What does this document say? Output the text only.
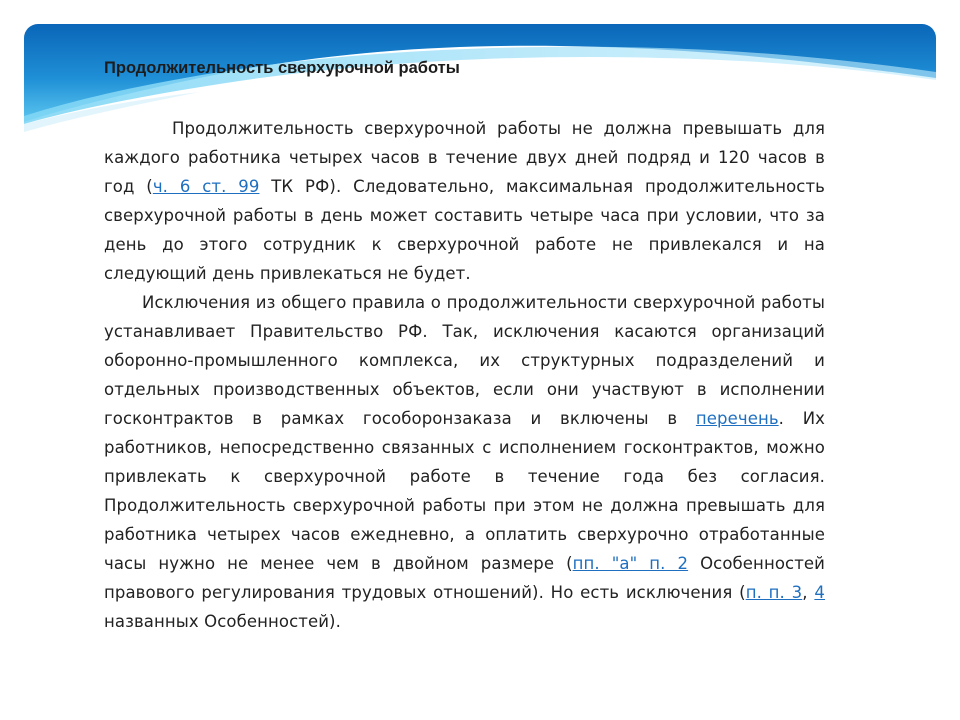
Продолжительность сверхурочной работы

Продолжительность сверхурочной работы не должна превышать для каждого работника четырех часов в течение двух дней подряд и 120 часов в год (ч. 6 ст. 99 ТК РФ). Следовательно, максимальная продолжительность сверхурочной работы в день может составить четыре часа при условии, что за день до этого сотрудник к сверхурочной работе не привлекался и на следующий день привлекаться не будет.

Исключения из общего правила о продолжительности сверхурочной работы устанавливает Правительство РФ. Так, исключения касаются организаций оборонно-промышленного комплекса, их структурных подразделений и отдельных производственных объектов, если они участвуют в исполнении госконтрактов в рамках гособоронзаказа и включены в перечень. Их работников, непосредственно связанных с исполнением госконтрактов, можно привлекать к сверхурочной работе в течение года без согласия. Продолжительность сверхурочной работы при этом не должна превышать для работника четырех часов ежедневно, а оплатить сверхурочно отработанные часы нужно не менее чем в двойном размере (пп. "а" п. 2 Особенностей правового регулирования трудовых отношений). Но есть исключения (п. п. 3, 4 названных Особенностей).
